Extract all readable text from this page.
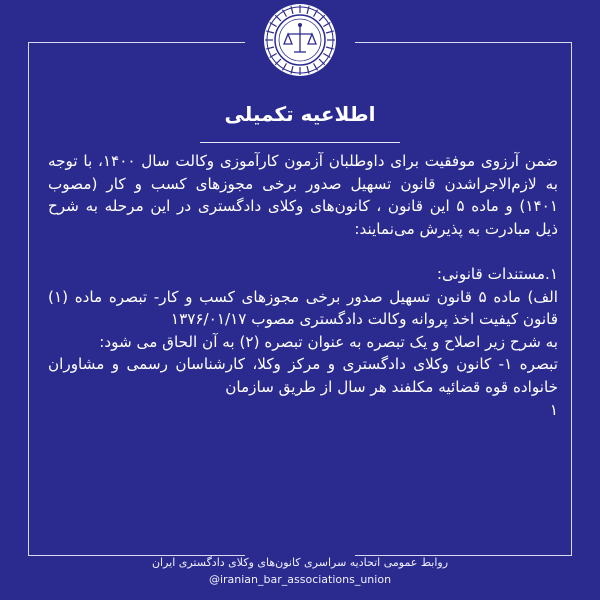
اطلاعیه تکمیلی

ضمن آرزوی موفقیت برای داوطلبان آزمون کارآموزی وکالت سال ۱۴۰۰، با توجه به لازم‌الاجراشدن قانون تسهیل صدور برخی مجوزهای کسب و کار (مصوب ۱۴۰۱) و ماده ۵ این قانون ، کانون‌های وکلای دادگستری در این مرحله به شرح ذیل مبادرت به پذیرش می‌نمایند:

۱.مستندات قانونی:

الف) ماده ۵ قانون تسهیل صدور برخی مجوزهای کسب و کار- تبصره ماده (۱) قانون کیفیت اخذ پروانه وکالت دادگستری مصوب ۱۳۷۶/۰۱/۱۷

به شرح زیر اصلاح و یک تبصره به عنوان تبصره (۲) به آن الحاق می شود:

تبصره ۱- کانون وکلای دادگستری و مرکز وکلا، کارشناسان رسمی و مشاوران خانواده قوه قضائیه مکلفند هر سال از طریق سازمان

۱

روابط عمومی اتحادیه سراسری کانون‌های وکلای دادگستری ایران
@iranian_bar_associations_union
